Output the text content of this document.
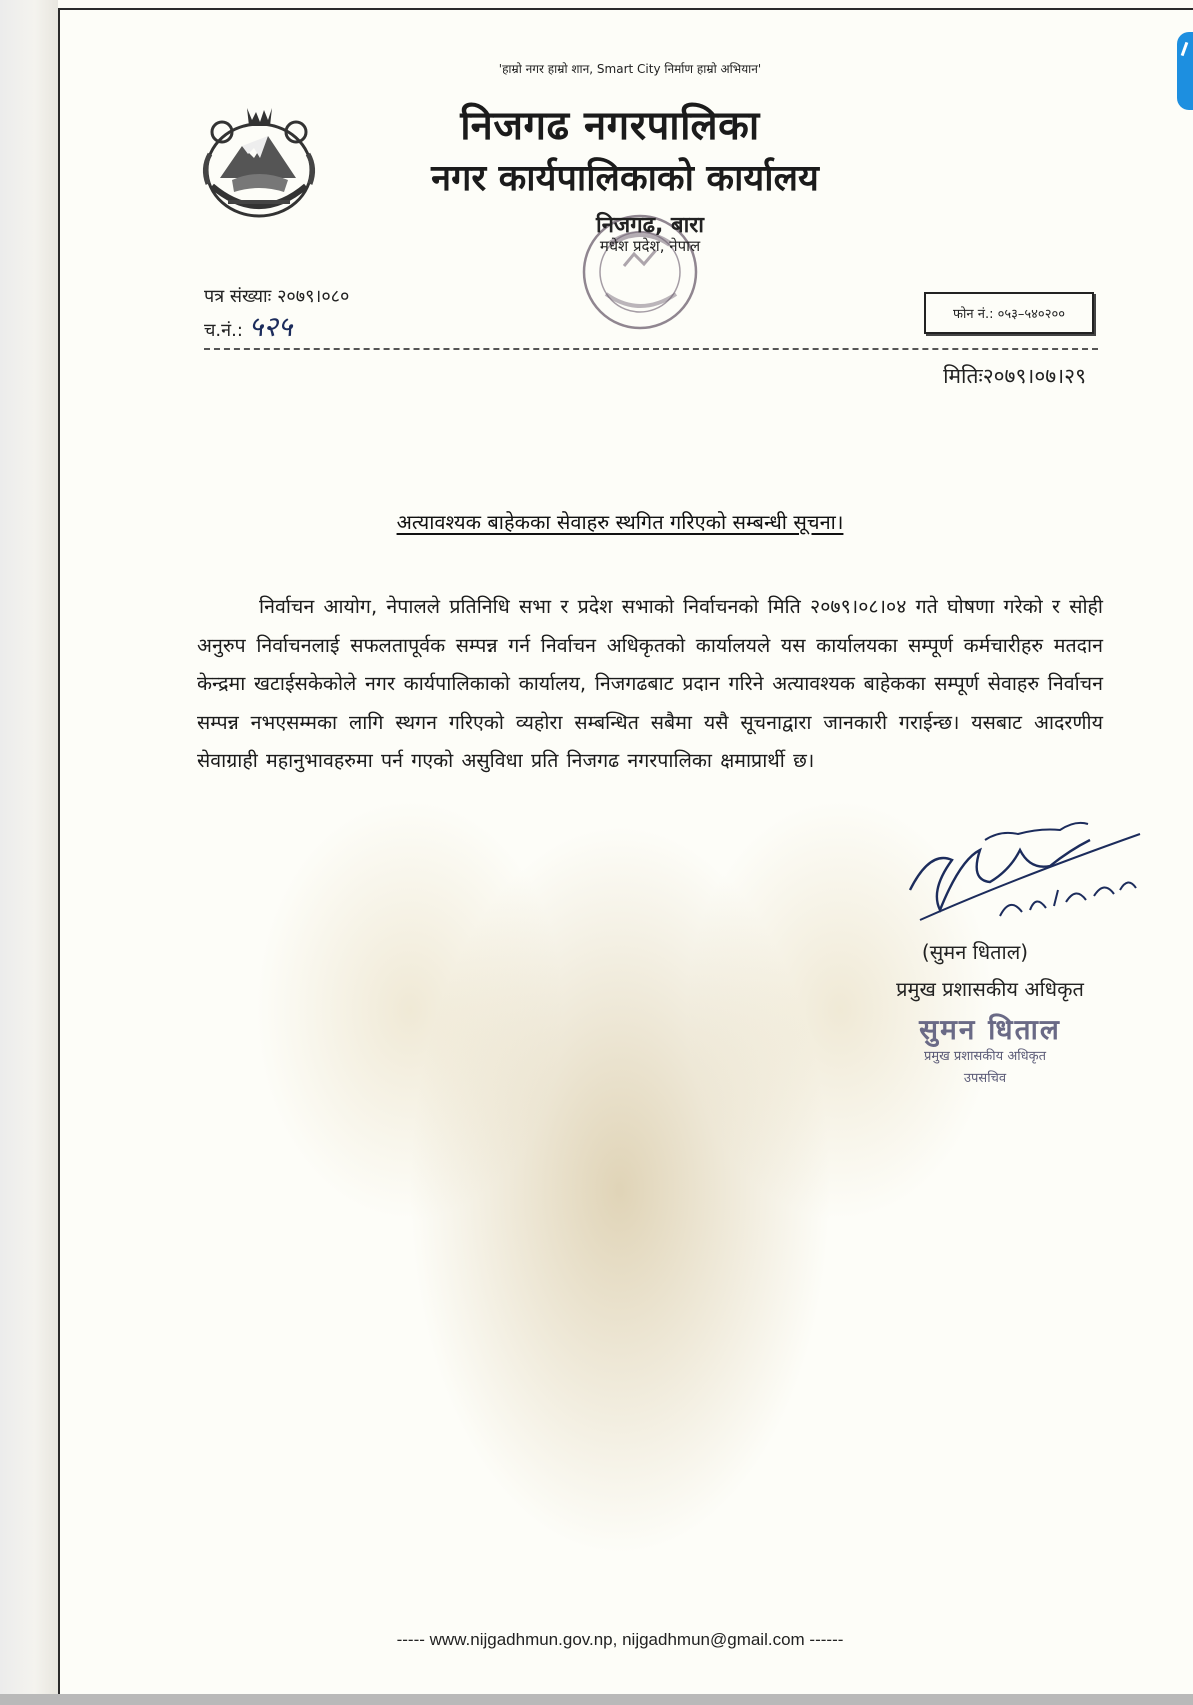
'हाम्रो नगर हाम्रो शान, Smart City निर्माण हाम्रो अभियान'
निजगढ नगरपालिका
नगर कार्यपालिकाको कार्यालय
निजगढ, बारा
मधेश प्रदेश, नेपाल
पत्र संख्याः २०७९।०८०
च.नं.: ५२५	फोन नं.: ०५३–५४०२००
मितिः२०७९।०७।२९
अत्यावश्यक बाहेकका सेवाहरु स्थगित गरिएको सम्बन्धी सूचना।
निर्वाचन आयोग, नेपालले प्रतिनिधि सभा र प्रदेश सभाको निर्वाचनको मिति २०७९।०८।०४ गते घोषणा गरेको र सोही अनुरुप निर्वाचनलाई सफलतापूर्वक सम्पन्न गर्न निर्वाचन अधिकृतको कार्यालयले यस कार्यालयका सम्पूर्ण कर्मचारीहरु मतदान केन्द्रमा खटाईसकेकोले नगर कार्यपालिकाको कार्यालय, निजगढबाट प्रदान गरिने अत्यावश्यक बाहेकका सम्पूर्ण सेवाहरु निर्वाचन सम्पन्न नभएसम्मका लागि स्थगन गरिएको व्यहोरा सम्बन्धित सबैमा यसै सूचनाद्वारा जानकारी गराईन्छ। यसबाट आदरणीय सेवाग्राही महानुभावहरुमा पर्न गएको असुविधा प्रति निजगढ नगरपालिका क्षमाप्रार्थी छ।
(सुमन धिताल)
प्रमुख प्रशासकीय अधिकृत
सुमन धिताल
प्रमुख प्रशासकीय अधिकृत
उपसचिव
----- www.nijgadhmun.gov.np, nijgadhmun@gmail.com ------
